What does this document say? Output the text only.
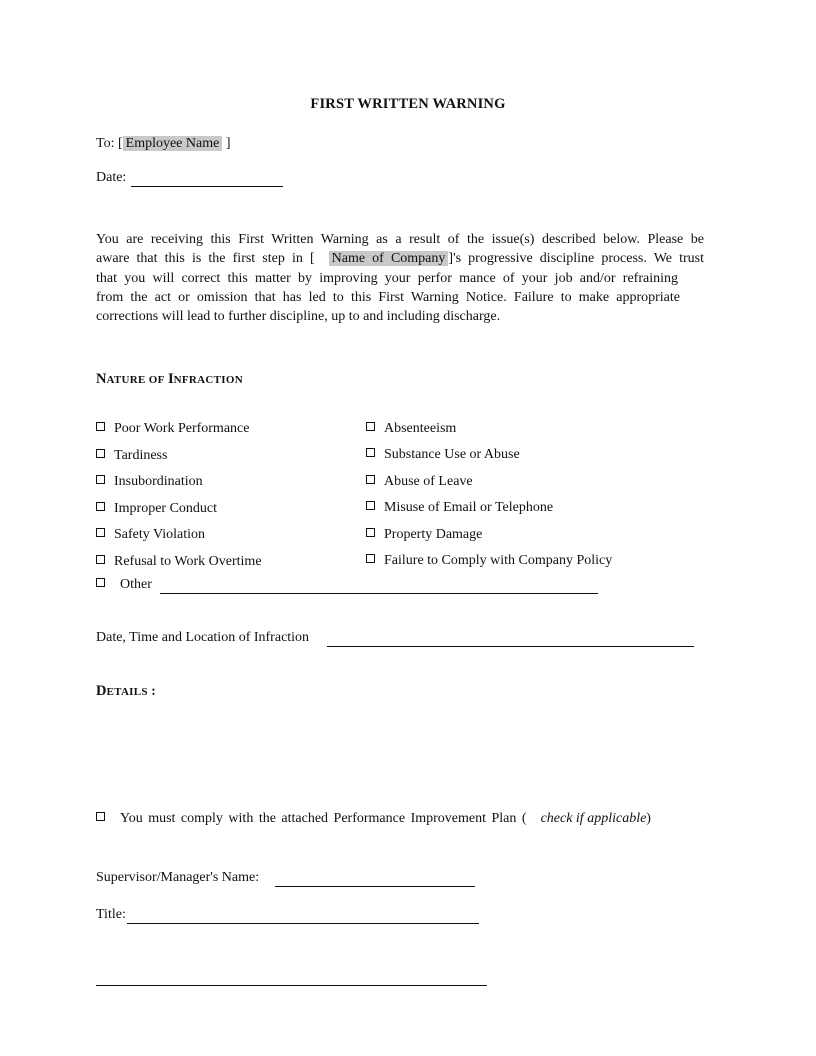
FIRST WRITTEN WARNING
To: [ Employee Name ]
Date:
You are receiving this First Written Warning as a result of the issue(s) described below. Please be
aware that this is the first step in [ Name of Company ]'s progressive discipline process. We trust
that you will correct this matter by improving your perfor mance of your job and/or refraining
from the act or omission that has led to this First Warning Notice. Failure to make appropriate
corrections will lead to further discipline, up to and including discharge.
NATURE OF INFRACTION
Poor Work Performance
Tardiness
Insubordination
Improper Conduct
Safety Violation
Refusal to Work Overtime
Absenteeism
Substance Use or Abuse
Abuse of Leave
Misuse of Email or Telephone
Property Damage
Failure to Comply with Company Policy
Other
Date, Time and Location of Infraction
DETAILS :
You must comply with the attached Performance Improvement Plan ( check if applicable)
Supervisor/Manager's Name:
Title:
